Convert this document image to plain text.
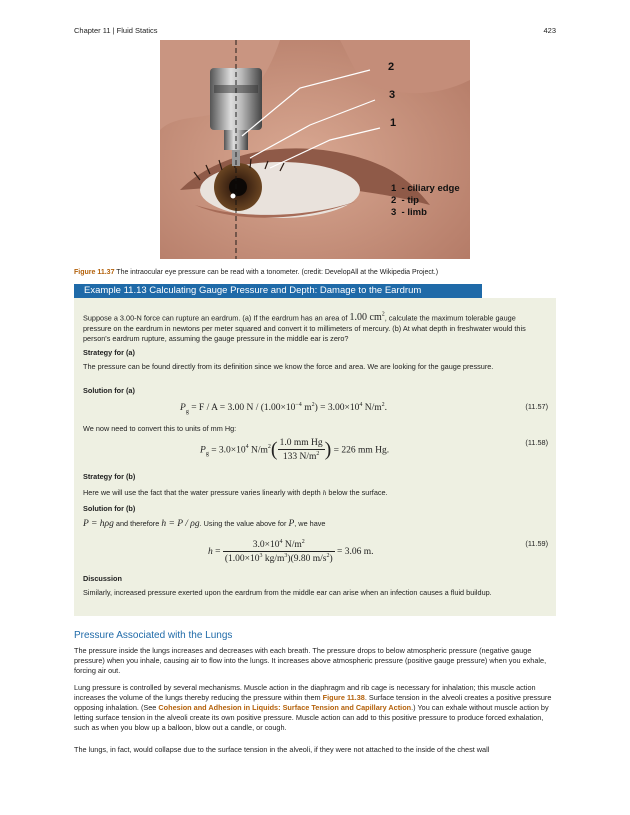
Chapter 11 | Fluid Statics	423
2
3
1
1  - ciliary edge
2  - tip
3  - limb
Figure 11.37 The intraocular eye pressure can be read with a tonometer. (credit: DevelopAll at the Wikipedia Project.)
Example 11.13 Calculating Gauge Pressure and Depth: Damage to the Eardrum
Suppose a 3.00-N force can rupture an eardrum. (a) If the eardrum has an area of 1.00 $cm^2$, calculate the maximum tolerable gauge pressure on the eardrum in newtons per meter squared and convert it to millimeters of mercury. (b) At what depth in freshwater would this person's eardrum rupture, assuming the gauge pressure in the middle ear is zero?
Strategy for (a)
The pressure can be found directly from its definition since we know the force and area. We are looking for the gauge pressure.
Solution for (a)
$P_g = F / A = 3.00$ $N / (1.00\times 10^{-4}$ $m^2) = 3.00\times 10^4$ $N/m^2$.	(11.57)
We now need to convert this to units of mm Hg:
$P_g = 3.0\times 10^4$ $N/m^2( \frac{\text{1.0 mm Hg}}{133 N/m^2}$ ) = 226 mm Hg.
(11.58)
Strategy for (b)
Here we will use the fact that the water pressure varies linearly with depth h below the surface.
Solution for (b)
P = hρg and therefore h = P / ρg. Using the value above for P, we have
$h = \frac{3.0\times 10^4 N/m^2}{(1.00\times 10^3 kg/m^3)(9.80 m/s^2)} = 3.06$ m.
(11.59)
Discussion
Similarly, increased pressure exerted upon the eardrum from the middle ear can arise when an infection causes a fluid buildup.
Pressure Associated with the Lungs
The pressure inside the lungs increases and decreases with each breath. The pressure drops to below atmospheric pressure (negative gauge pressure) when you inhale, causing air to flow into the lungs. It increases above atmospheric pressure (positive gauge pressure) when you exhale, forcing air out.
Lung pressure is controlled by several mechanisms. Muscle action in the diaphragm and rib cage is necessary for inhalation; this muscle action increases the volume of the lungs thereby reducing the pressure within them Figure 11.38. Surface tension in the alveoli creates a positive pressure opposing inhalation. (See Cohesion and Adhesion in Liquids: Surface Tension and Capillary Action.) You can exhale without muscle action by letting surface tension in the alveoli create its own positive pressure. Muscle action can add to this positive pressure to produce forced exhalation, such as when you blow up a balloon, blow out a candle, or cough.
The lungs, in fact, would collapse due to the surface tension in the alveoli, if they were not attached to the inside of the chest wall
